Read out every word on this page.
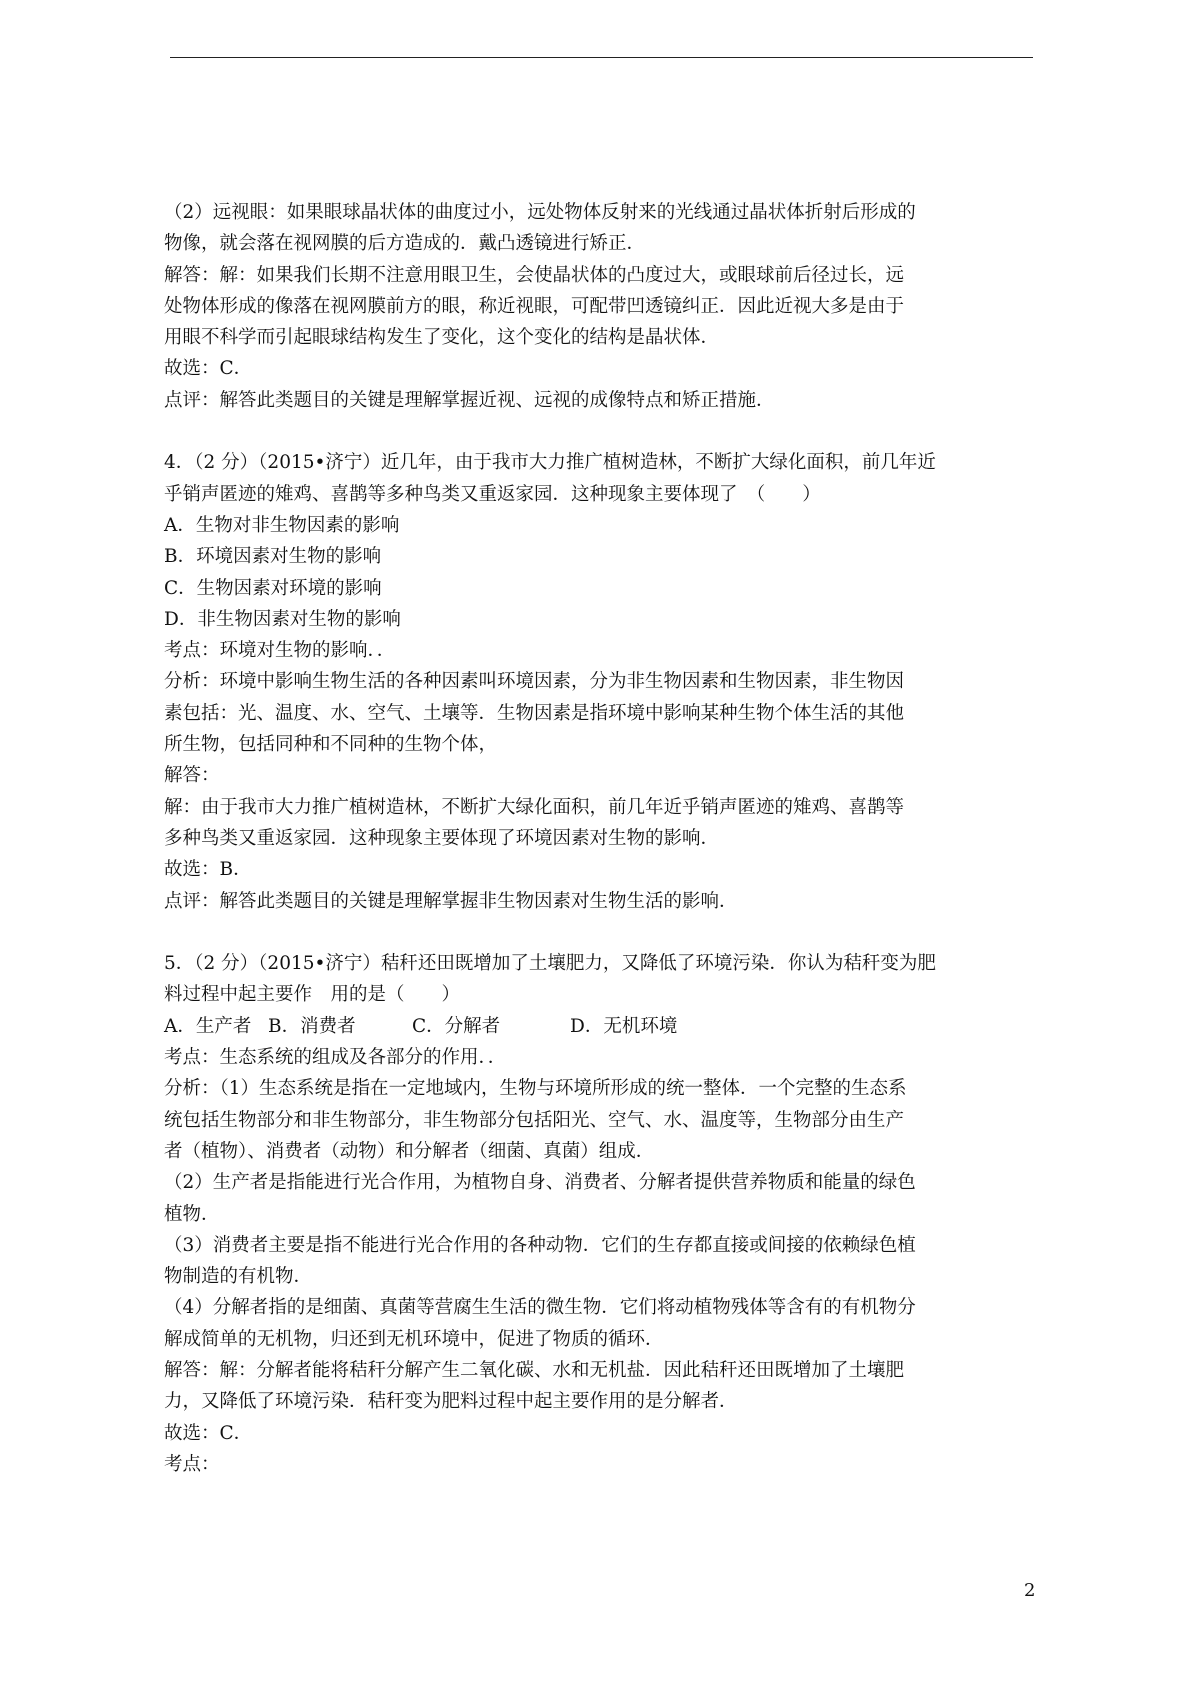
（2）远视眼：如果眼球晶状体的曲度过小，远处物体反射来的光线通过晶状体折射后形成的
物像，就会落在视网膜的后方造成的．戴凸透镜进行矫正．
解答：解：如果我们长期不注意用眼卫生，会使晶状体的凸度过大，或眼球前后径过长，远
处物体形成的像落在视网膜前方的眼，称近视眼，可配带凹透镜纠正．因此近视大多是由于
用眼不科学而引起眼球结构发生了变化，这个变化的结构是晶状体．
故选：C．
点评：解答此类题目的关键是理解掌握近视、远视的成像特点和矫正措施．
4．（2 分）（2015•济宁）近几年，由于我市大力推广植树造林，不断扩大绿化面积，前几年近
乎销声匿迹的雉鸡、喜鹊等多种鸟类又重返家园．这种现象主要体现了　（　　）
A．生物对非生物因素的影响
B．环境因素对生物的影响
C．生物因素对环境的影响
D．非生物因素对生物的影响
考点：环境对生物的影响．．
分析：环境中影响生物生活的各种因素叫环境因素，分为非生物因素和生物因素，非生物因
素包括：光、温度、水、空气、土壤等．生物因素是指环境中影响某种生物个体生活的其他
所生物，包括同种和不同种的生物个体，
解答：
解：由于我市大力推广植树造林，不断扩大绿化面积，前几年近乎销声匿迹的雉鸡、喜鹊等
多种鸟类又重返家园．这种现象主要体现了环境因素对生物的影响．
故选：B．
点评：解答此类题目的关键是理解掌握非生物因素对生物生活的影响．
5．（2 分）（2015•济宁）秸秆还田既增加了土壤肥力，又降低了环境污染．你认为秸秆变为肥
料过程中起主要作　用的是（　　）
A．生产者 B．消费者	C．分解者	D．无机环境
考点：生态系统的组成及各部分的作用．．
分析：（1）生态系统是指在一定地域内，生物与环境所形成的统一整体．一个完整的生态系
统包括生物部分和非生物部分，非生物部分包括阳光、空气、水、温度等，生物部分由生产
者（植物）、消费者（动物）和分解者（细菌、真菌）组成．
（2）生产者是指能进行光合作用，为植物自身、消费者、分解者提供营养物质和能量的绿色
植物．
（3）消费者主要是指不能进行光合作用的各种动物．它们的生存都直接或间接的依赖绿色植
物制造的有机物．
（4）分解者指的是细菌、真菌等营腐生生活的微生物．它们将动植物残体等含有的有机物分
解成简单的无机物，归还到无机环境中，促进了物质的循环．
解答：解：分解者能将秸秆分解产生二氧化碳、水和无机盐．因此秸秆还田既增加了土壤肥
力，又降低了环境污染．秸秆变为肥料过程中起主要作用的是分解者．
故选：C．
考点：
2
